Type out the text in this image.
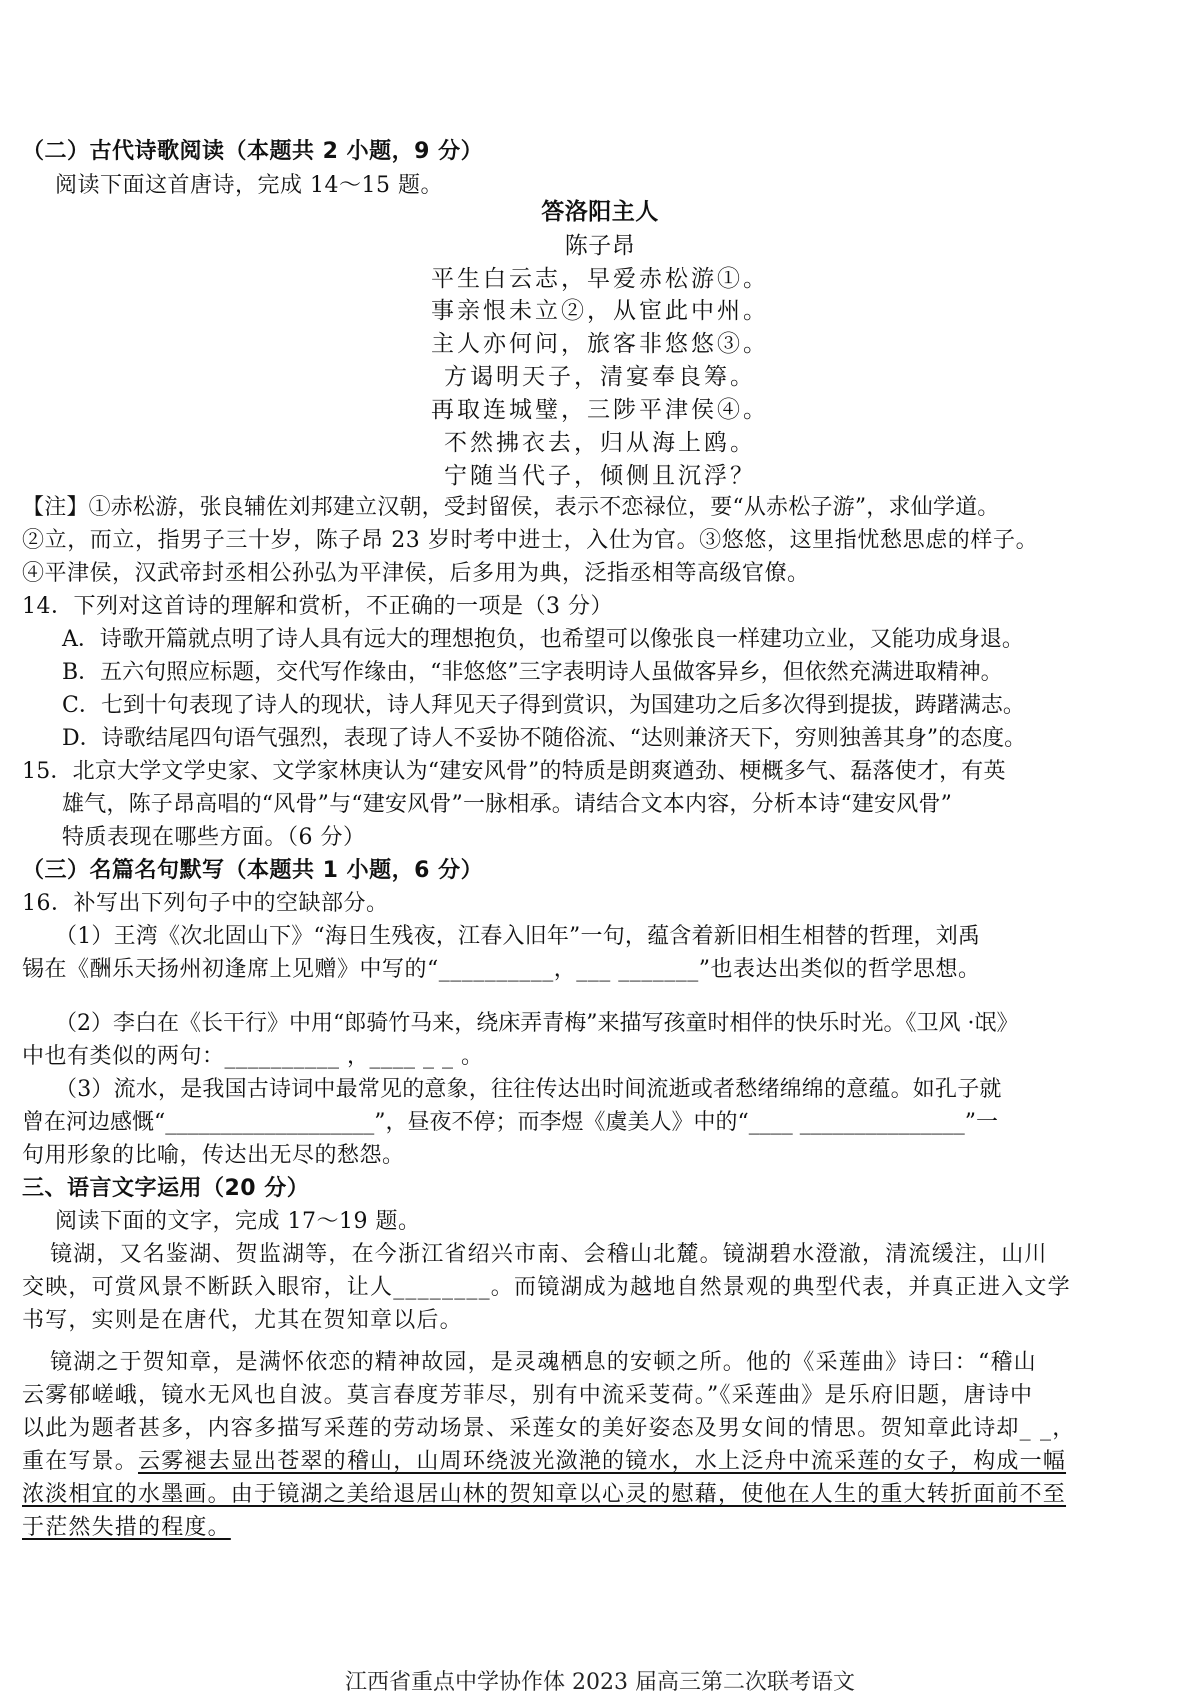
（二）古代诗歌阅读（本题共 2 小题，9 分）
阅读下面这首唐诗，完成 14～15 题。
答洛阳主人
陈子昂
平生白云志，早爱赤松游①。
事亲恨未立②，从宦此中州。
主人亦何问，旅客非悠悠③。
方谒明天子，清宴奉良筹。
再取连城璧，三陟平津侯④。
不然拂衣去，归从海上鸥。
宁随当代子，倾侧且沉浮？
【注】①赤松游，张良辅佐刘邦建立汉朝，受封留侯，表示不恋禄位，要“从赤松子游”，求仙学道。
②立，而立，指男子三十岁，陈子昂 23 岁时考中进士，入仕为官。③悠悠，这里指忧愁思虑的样子。
④平津侯，汉武帝封丞相公孙弘为平津侯，后多用为典，泛指丞相等高级官僚。
14．下列对这首诗的理解和赏析，不正确的一项是（3 分）
A．诗歌开篇就点明了诗人具有远大的理想抱负，也希望可以像张良一样建功立业，又能功成身退。
B．五六句照应标题，交代写作缘由，“非悠悠”三字表明诗人虽做客异乡，但依然充满进取精神。
C．七到十句表现了诗人的现状，诗人拜见天子得到赏识，为国建功之后多次得到提拔，踌躇满志。
D．诗歌结尾四句语气强烈，表现了诗人不妥协不随俗流、“达则兼济天下，穷则独善其身”的态度。
15．北京大学文学史家、文学家林庚认为“建安风骨”的特质是朗爽遒劲、梗概多气、磊落使才，有英
雄气，陈子昂高唱的“风骨”与“建安风骨”一脉相承。请结合文本内容，分析本诗“建安风骨”
特质表现在哪些方面。（6 分）
（三）名篇名句默写（本题共 1 小题，6 分）
16．补写出下列句子中的空缺部分。
（1）王湾《次北固山下》“海日生残夜，江春入旧年”一句，蕴含着新旧相生相替的哲理，刘禹
锡在《酬乐天扬州初逢席上见赠》中写的“__________，___ _______”也表达出类似的哲学思想。
（2）李白在《长干行》中用“郎骑竹马来，绕床弄青梅”来描写孩童时相伴的快乐时光。《卫风 ·氓》
中也有类似的两句：__________ ，____ _ _ 。
（3）流水，是我国古诗词中最常见的意象，往往传达出时间流逝或者愁绪绵绵的意蕴。如孔子就
曾在河边感慨“___________________”，昼夜不停；而李煜《虞美人》中的“____ _______________”一
句用形象的比喻，传达出无尽的愁怨。
三、语言文字运用（20 分）
阅读下面的文字，完成 17～19 题。
镜湖，又名鉴湖、贺监湖等，在今浙江省绍兴市南、会稽山北麓。镜湖碧水澄澈，清流缓注，山川
交映，可赏风景不断跃入眼帘，让人________。而镜湖成为越地自然景观的典型代表，并真正进入文学
书写，实则是在唐代，尤其在贺知章以后。
镜湖之于贺知章，是满怀依恋的精神故园，是灵魂栖息的安顿之所。他的《采莲曲》诗曰：“稽山
云雾郁嵯峨，镜水无风也自波。莫言春度芳菲尽，别有中流采芰荷。”《采莲曲》是乐府旧题，唐诗中
以此为题者甚多，内容多描写采莲的劳动场景、采莲女的美好姿态及男女间的情思。贺知章此诗却_ _，
重在写景。云雾褪去显出苍翠的稽山，山周环绕波光潋滟的镜水，水上泛舟中流采莲的女子，构成一幅
浓淡相宜的水墨画。由于镜湖之美给退居山林的贺知章以心灵的慰藉，使他在人生的重大转折面前不至
于茫然失措的程度。
江西省重点中学协作体 2023 届高三第二次联考语文
